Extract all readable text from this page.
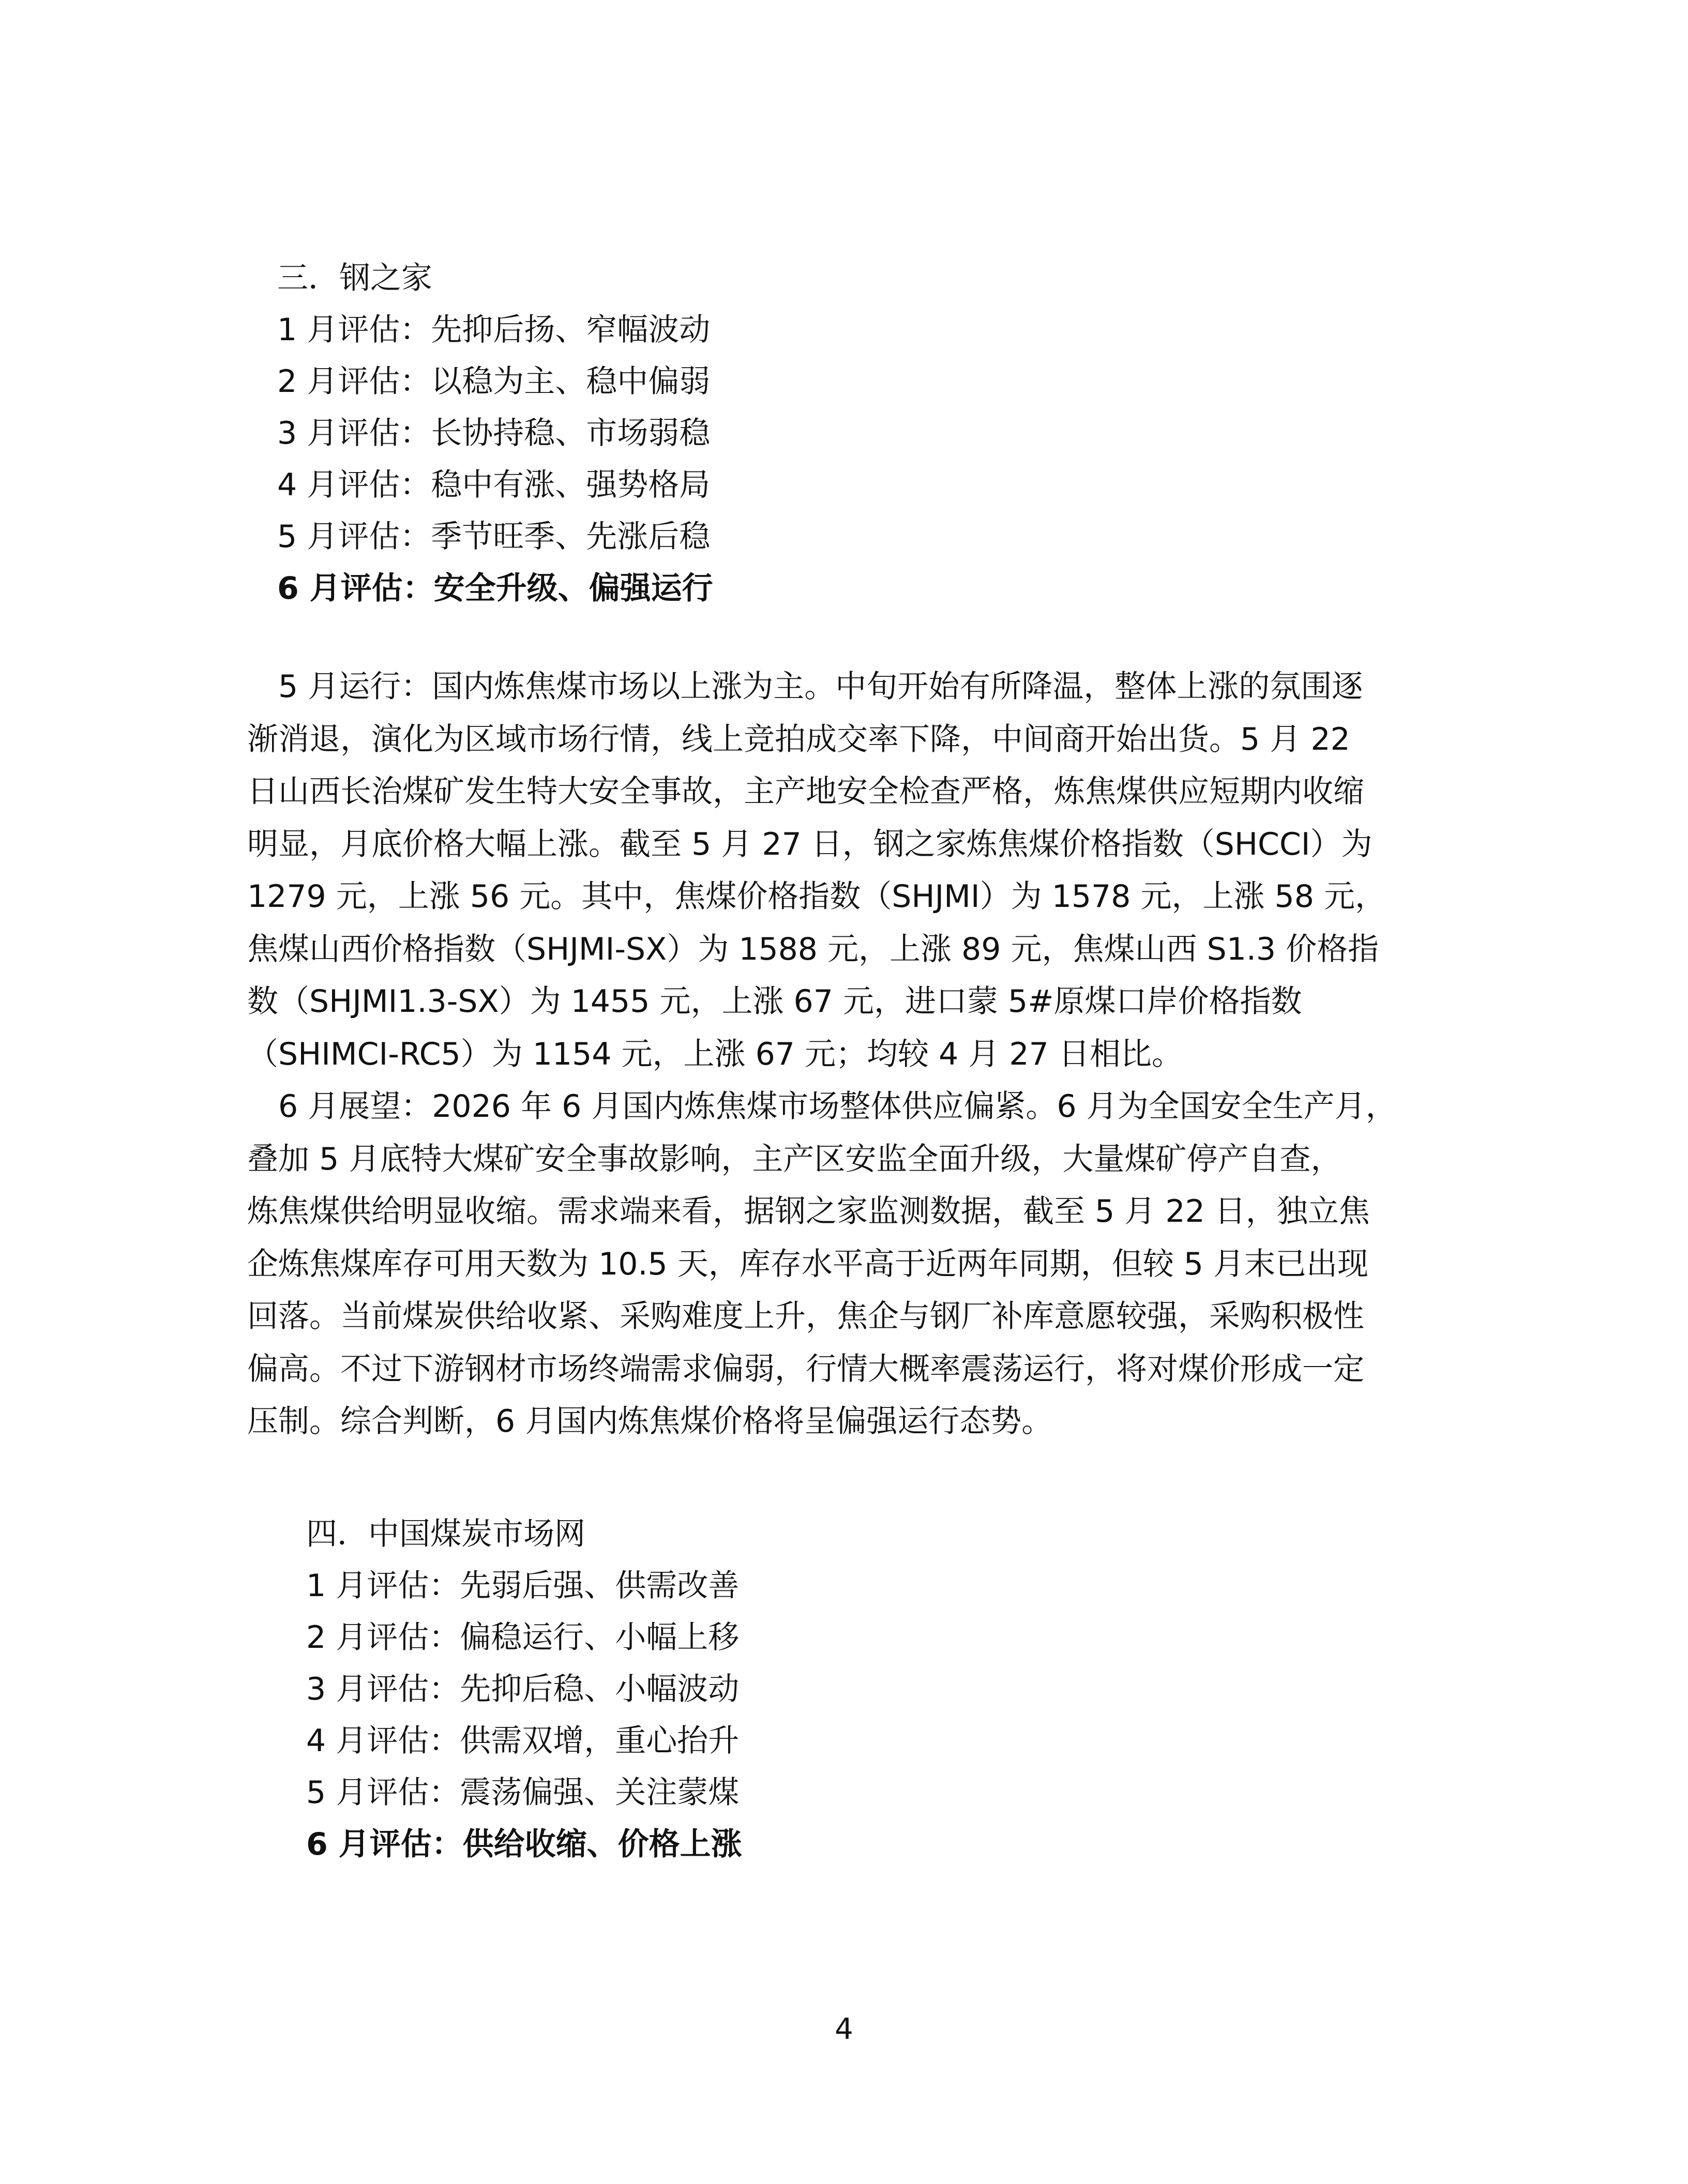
三．钢之家
1 月评估：先抑后扬、窄幅波动
2 月评估：以稳为主、稳中偏弱
3 月评估：长协持稳、市场弱稳
4 月评估：稳中有涨、强势格局
5 月评估：季节旺季、先涨后稳
6 月评估：安全升级、偏强运行
5 月运行：国内炼焦煤市场以上涨为主。中旬开始有所降温，整体上涨的氛围逐
渐消退，演化为区域市场行情，线上竞拍成交率下降，中间商开始出货。5 月 22
日山西长治煤矿发生特大安全事故，主产地安全检查严格，炼焦煤供应短期内收缩
明显，月底价格大幅上涨。截至 5 月 27 日，钢之家炼焦煤价格指数（SHCCI）为
1279 元，上涨 56 元。其中，焦煤价格指数（SHJMI）为 1578 元，上涨 58 元，
焦煤山西价格指数（SHJMI-SX）为 1588 元，上涨 89 元，焦煤山西 S1.3 价格指
数（SHJMI1.3-SX）为 1455 元，上涨 67 元，进口蒙 5#原煤口岸价格指数
（SHIMCI-RC5）为 1154 元，上涨 67 元；均较 4 月 27 日相比。
6 月展望：2026 年 6 月国内炼焦煤市场整体供应偏紧。6 月为全国安全生产月，
叠加 5 月底特大煤矿安全事故影响，主产区安监全面升级，大量煤矿停产自查，
炼焦煤供给明显收缩。需求端来看，据钢之家监测数据，截至 5 月 22 日，独立焦
企炼焦煤库存可用天数为 10.5 天，库存水平高于近两年同期，但较 5 月末已出现
回落。当前煤炭供给收紧、采购难度上升，焦企与钢厂补库意愿较强，采购积极性
偏高。不过下游钢材市场终端需求偏弱，行情大概率震荡运行，将对煤价形成一定
压制。综合判断，6 月国内炼焦煤价格将呈偏强运行态势。
四．中国煤炭市场网
1 月评估：先弱后强、供需改善
2 月评估：偏稳运行、小幅上移
3 月评估：先抑后稳、小幅波动
4 月评估：供需双增，重心抬升
5 月评估：震荡偏强、关注蒙煤
6 月评估：供给收缩、价格上涨
4
